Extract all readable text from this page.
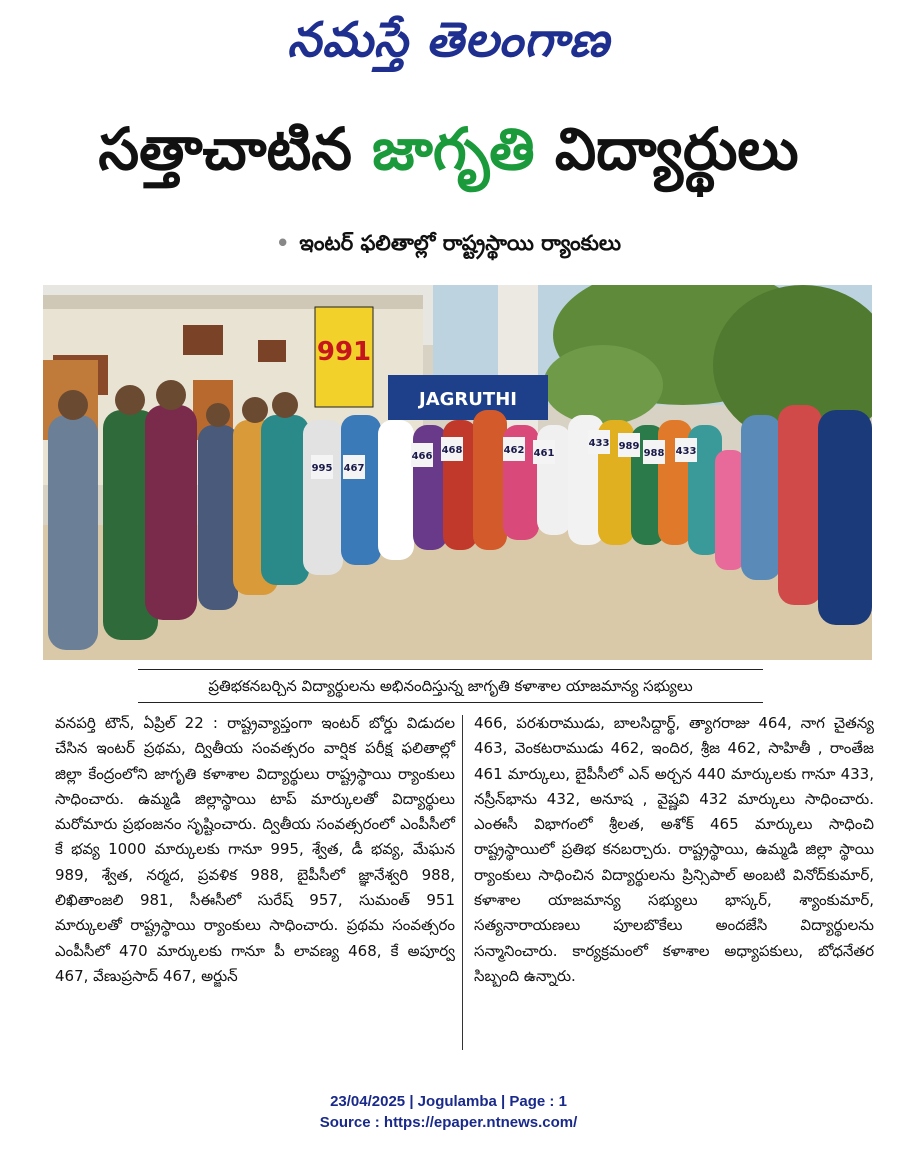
నమస్తే తెలంగాణ
సత్తాచాటిన జాగృతి విద్యార్థులు
• ఇంటర్ ఫలితాల్లో రాష్ట్రస్థాయి ర్యాంకులు
991
JAGRUTHI
995 467
466
468	462 461
433 989
988 433
ప్రతిభకనబర్చిన విద్యార్థులను అభినందిస్తున్న జాగృతి కళాశాల యాజమాన్య సభ్యులు
వనపర్తి టౌన్, ఏప్రిల్ 22 : రాష్ట్రవ్యాప్తంగా ఇంటర్ బోర్డు విడుదల చేసిన ఇంటర్ ప్రథమ, ద్వితీయ సంవత్సరం వార్షిక పరీక్ష ఫలితాల్లో జిల్లా కేంద్రంలోని జాగృతి కళాశాల విద్యార్థులు రాష్ట్రస్థాయి ర్యాంకులు సాధించారు. ఉమ్మడి జిల్లాస్థాయి టాప్ మార్కులతో విద్యార్థులు మరోమారు ప్రభంజనం సృష్టించారు. ద్వితీయ సంవత్సరంలో ఎంపీసీలో కే భవ్య 1000 మార్కులకు గానూ 995, శ్వేత, డీ భవ్య, మేఘన 989, శ్వేత, నర్మద, ప్రవళిక 988, బైపీసీలో జ్ఞానేశ్వరి 988, లిఖితాంజలి 981, సీఈసీలో సురేష్ 957, సుమంత్ 951 మార్కులతో రాష్ట్రస్థాయి ర్యాంకులు సాధించారు. ప్రథమ సంవత్సరం ఎంపీసీలో 470 మార్కులకు గానూ పీ లావణ్య 468, కే అపూర్వ 467, వేణుప్రసాద్ 467, అర్జున్
466, పరశురాముడు, బాలసిద్దార్థ్, త్యాగరాజు 464, నాగ చైతన్య 463, వెంకటరాముడు 462, ఇందిర, శ్రీజ 462, సాహితీ , రాంతేజ 461 మార్కులు, బైపీసీలో ఎన్ అర్చన 440 మార్కులకు గానూ 433, నస్రీన్‌భాను 432, అనూష , వైష్ణవి 432 మార్కులు సాధించారు. ఎంఈసీ విభాగంలో శ్రీలత, అశోక్ 465 మార్కులు సాధించి రాష్ట్రస్థాయిలో ప్రతిభ కనబర్చారు. రాష్ట్రస్థాయి, ఉమ్మడి జిల్లా స్థాయి ర్యాంకులు సాధించిన విద్యార్థులను ప్రిన్సిపాల్ అంబటి వినోద్‌కుమార్, కళాశాల యాజమాన్య సభ్యులు భాస్కర్, శ్యాంకుమార్, సత్యనారాయణలు పూలబొకేలు అందజేసి విద్యార్థులను సన్మానించారు. కార్యక్రమంలో కళాశాల అధ్యాపకులు, బోధనేతర సిబ్బంది ఉన్నారు.
23/04/2025 | Jogulamba | Page : 1
Source : https://epaper.ntnews.com/
